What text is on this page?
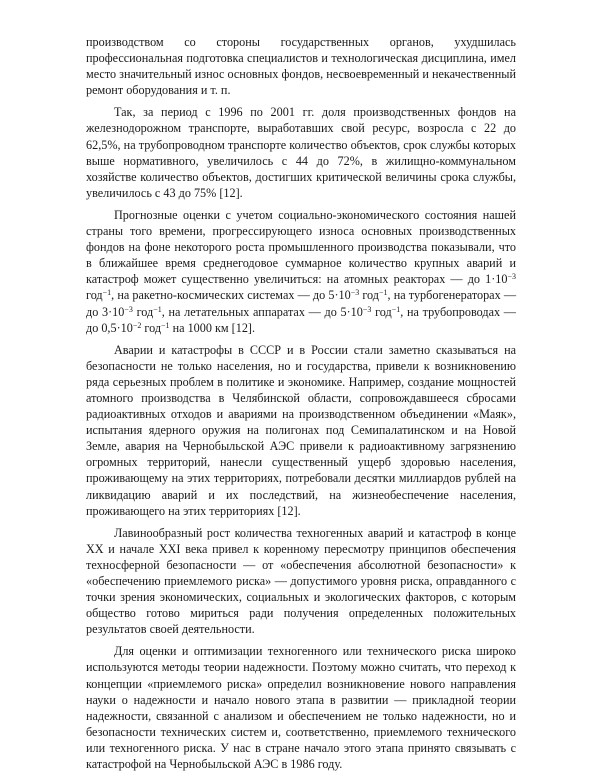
производством со стороны государственных органов, ухудшилась профессиональная подготовка специалистов и технологическая дисциплина, имел место значительный износ основных фондов, несвоевременный и некачественный ремонт оборудования и т. п.

Так, за период с 1996 по 2001 гг. доля производственных фондов на железнодорожном транспорте, выработавших свой ресурс, возросла с 22 до 62,5%, на трубопроводном транспорте количество объектов, срок службы которых выше нормативного, увеличилось с 44 до 72%, в жилищно-коммунальном хозяйстве количество объектов, достигших критической величины срока службы, увеличилось с 43 до 75% [12].

Прогнозные оценки с учетом социально-экономического состояния нашей страны того времени, прогрессирующего износа основных производственных фондов на фоне некоторого роста промышленного производства показывали, что в ближайшее время среднегодовое суммарное количество крупных аварий и катастроф может существенно увеличиться: на атомных реакторах — до $1\cdot 10^{-3}$ год$^{-1}$, на ракетно-космических системах — до $5\cdot 10^{-3}$ год$^{-1}$, на турбогенераторах — до $3\cdot 10^{-3}$ год$^{-1}$, на летательных аппаратах — до $5\cdot 10^{-3}$ год$^{-1}$, на трубопроводах — до $0,5\cdot 10^{-2}$ год$^{-1}$ на 1000 км [12].

Аварии и катастрофы в СССР и в России стали заметно сказываться на безопасности не только населения, но и государства, привели к возникновению ряда серьезных проблем в политике и экономике. Например, создание мощностей атомного производства в Челябинской области, сопровождавшееся сбросами радиоактивных отходов и авариями на производственном объединении «Маяк», испытания ядерного оружия на полигонах под Семипалатинском и на Новой Земле, авария на Чернобыльской АЭС привели к радиоактивному загрязнению огромных территорий, нанесли существенный ущерб здоровью населения, проживающему на этих территориях, потребовали десятки миллиардов рублей на ликвидацию аварий и их последствий, на жизнеобеспечение населения, проживающего на этих территориях [12].

Лавинообразный рост количества техногенных аварий и катастроф в конце XX и начале XXI века привел к коренному пересмотру принципов обеспечения техносферной безопасности — от «обеспечения абсолютной безопасности» к «обеспечению приемлемого риска» — допустимого уровня риска, оправданного с точки зрения экономических, социальных и экологических факторов, с которым общество готово мириться ради получения определенных положительных результатов своей деятельности.

Для оценки и оптимизации техногенного или технического риска широко используются методы теории надежности. Поэтому можно считать, что переход к концепции «приемлемого риска» определил возникновение нового направления науки о надежности и начало нового этапа в развитии — прикладной теории надежности, связанной с анализом и обеспечением не только надежности, но и безопасности технических систем и, соответственно, приемлемого технического или техногенного риска. У нас в стране начало этого этапа принято связывать с катастрофой на Чернобыльской АЭС в 1986 году.
